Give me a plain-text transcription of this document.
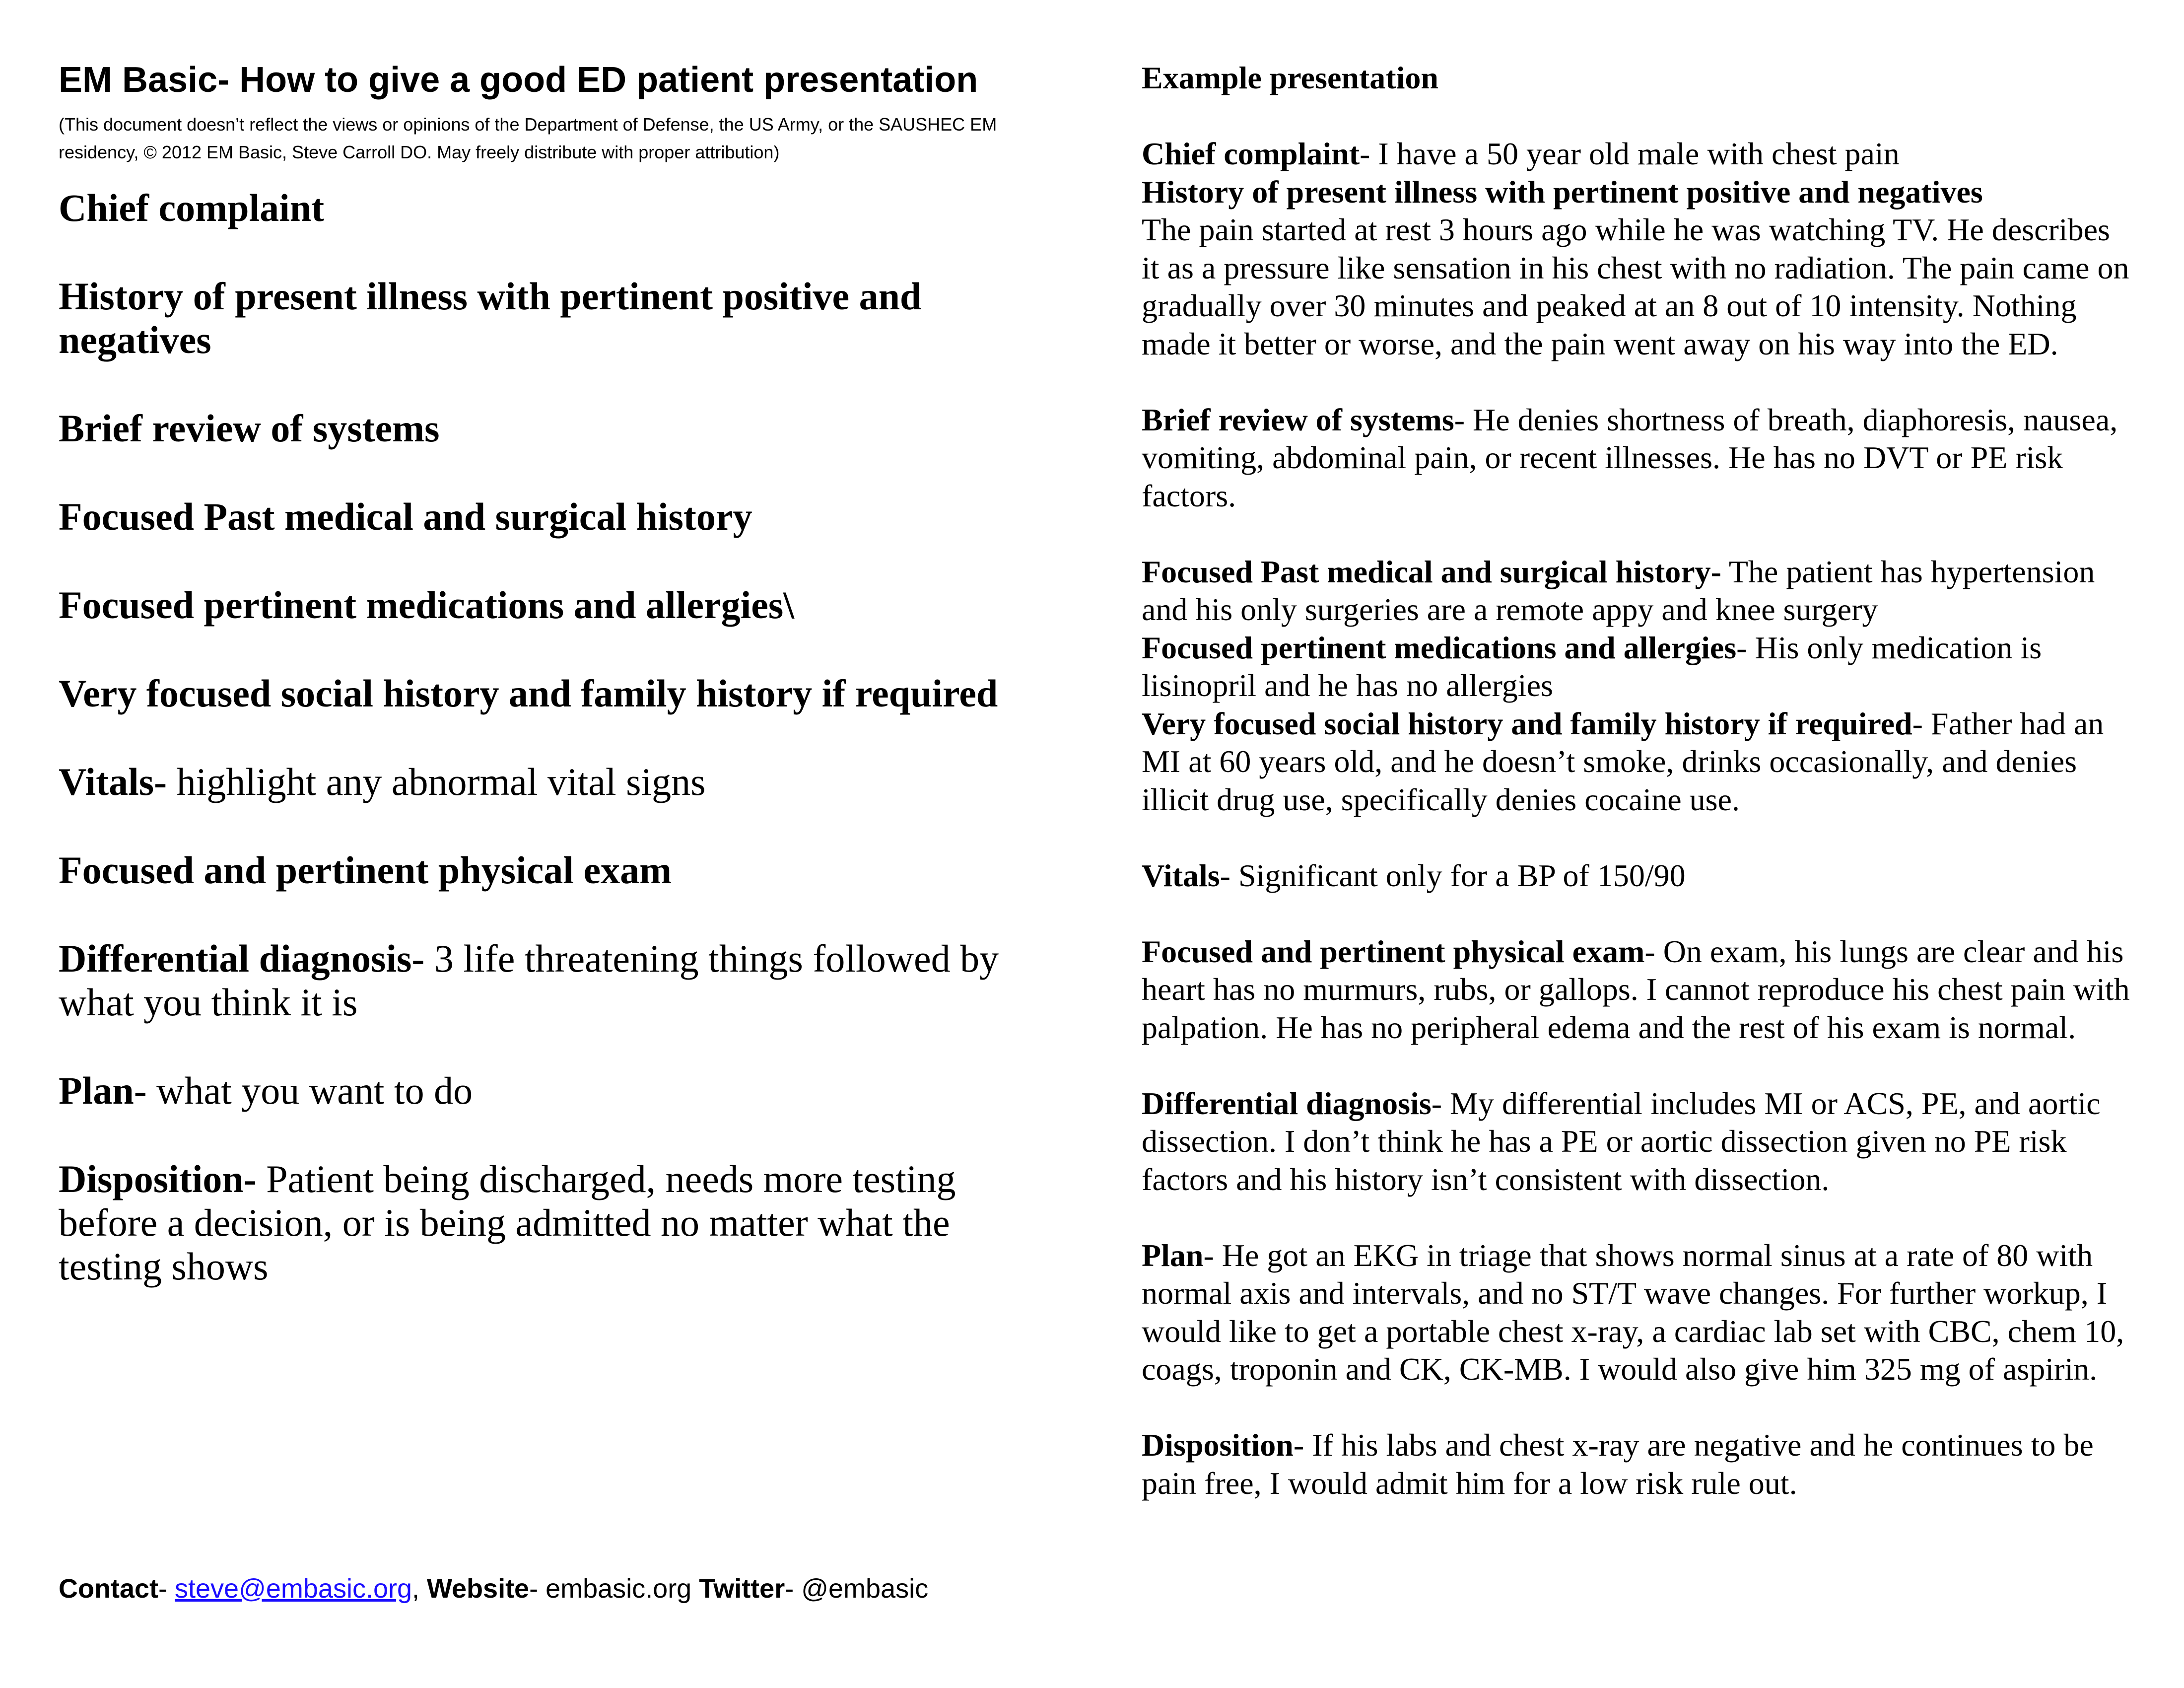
EM Basic- How to give a good ED patient presentation
(This document doesn’t reflect the views or opinions of the Department of Defense, the US Army, or the SAUSHEC EM residency, © 2012 EM Basic, Steve Carroll DO. May freely distribute with proper attribution)
Chief complaint
History of present illness with pertinent positive and negatives
Brief review of systems
Focused Past medical and surgical history
Focused pertinent medications and allergies\
Very focused social history and family history if required
Vitals- highlight any abnormal vital signs
Focused and pertinent physical exam
Differential diagnosis- 3 life threatening things followed by what you think it is
Plan- what you want to do
Disposition- Patient being discharged, needs more testing before a decision, or is being admitted no matter what the testing shows
Contact- steve@embasic.org, Website- embasic.org Twitter- @embasic
Example presentation

Chief complaint- I have a 50 year old male with chest pain

History of present illness with pertinent positive and negatives

The pain started at rest 3 hours ago while he was watching TV. He describes it as a pressure like sensation in his chest with no radiation. The pain came on gradually over 30 minutes and peaked at an 8 out of 10 intensity. Nothing made it better or worse, and the pain went away on his way into the ED.

Brief review of systems- He denies shortness of breath, diaphoresis, nausea, vomiting, abdominal pain, or recent illnesses. He has no DVT or PE risk factors.

Focused Past medical and surgical history- The patient has hypertension and his only surgeries are a remote appy and knee surgery

Focused pertinent medications and allergies- His only medication is lisinopril and he has no allergies

Very focused social history and family history if required- Father had an MI at 60 years old, and he doesn’t smoke, drinks occasionally, and denies illicit drug use, specifically denies cocaine use.

Vitals- Significant only for a BP of 150/90

Focused and pertinent physical exam- On exam, his lungs are clear and his heart has no murmurs, rubs, or gallops. I cannot reproduce his chest pain with palpation. He has no peripheral edema and the rest of his exam is normal.

Differential diagnosis- My differential includes MI or ACS, PE, and aortic dissection. I don’t think he has a PE or aortic dissection given no PE risk factors and his history isn’t consistent with dissection.

Plan- He got an EKG in triage that shows normal sinus at a rate of 80 with normal axis and intervals, and no ST/T wave changes. For further workup, I would like to get a portable chest x-ray, a cardiac lab set with CBC, chem 10, coags, troponin and CK, CK-MB. I would also give him 325 mg of aspirin.

Disposition- If his labs and chest x-ray are negative and he continues to be pain free, I would admit him for a low risk rule out.
